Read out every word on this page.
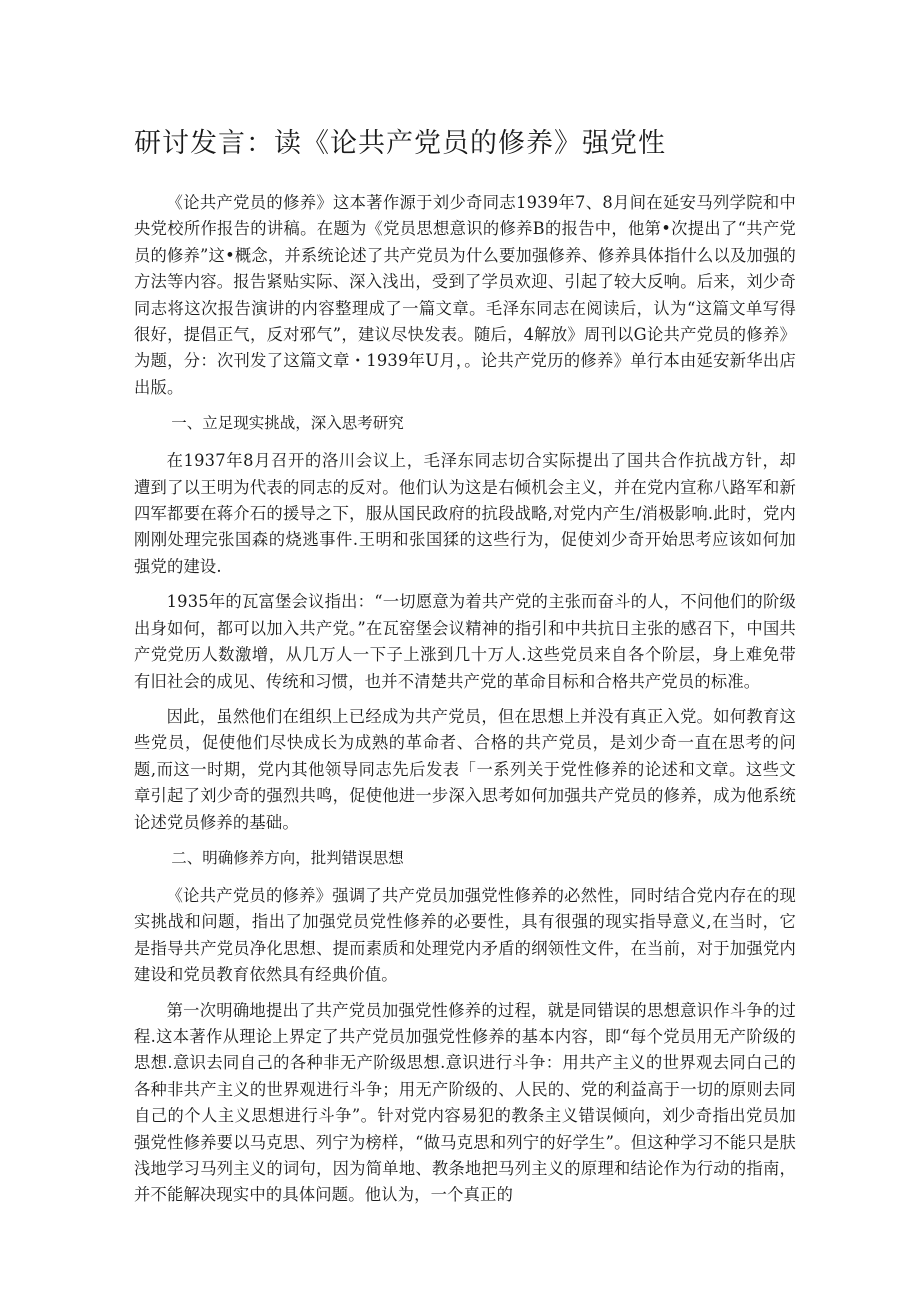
研讨发言：读《论共产党员的修养》强党性

《论共产党员的修养》这本著作源于刘少奇同志1939年7、8月间在延安马列学院和中央党校所作报告的讲稿。在题为《党员思想意识的修养B的报告中，他第•次提出了“共产党员的修养”这•概念，并系统论述了共产党员为什么要加强修养、修养具体指什么以及加强的方法等内容。报告紧贴实际、深入浅出，受到了学员欢迎、引起了较大反响。后来，刘少奇同志将这次报告演讲的内容整理成了一篇文章。毛泽东同志在阅读后，认为“这篇文单写得很好，提倡正气，反对邪气”，建议尽快发表。随后，4解放》周刊以G论共产党员的修养》为题，分：次刊发了这篇文章・1939年U月，。论共产党历的修养》单行本由延安新华出店出版。

一、立足现实挑战，深入思考研究

在1937年8月召开的洛川会议上，毛泽东同志切合实际提出了国共合作抗战方针，却遭到了以王明为代表的同志的反对。他们认为这是右倾机会主义，并在党内宣称八路军和新四军都要在蒋介石的援导之下，服从国民政府的抗段战略,对党内产生/消极影响.此时，党内刚刚处理完张国森的烧逃事件.王明和张国猱的这些行为，促使刘少奇开始思考应该如何加强党的建设.

1935年的瓦富堡会议指出：“一切愿意为着共产党的主张而奋斗的人，不问他们的阶级出身如何，都可以加入共产党。”在瓦窑堡会议精神的指引和中共抗日主张的感召下，中国共产党党历人数激增，从几万人一下子上涨到几十万人.这些党员来自各个阶层，身上难免带有旧社会的成见、传统和习惯，也并不清楚共产党的革命目标和合格共产党员的标准。

因此，虽然他们在组织上已经成为共产党员，但在思想上并没有真正入党。如何教育这些党员，促使他们尽快成长为成熟的革命者、合格的共产党员，是刘少奇一直在思考的问题,而这一时期，党内其他领导同志先后发表「一系列关于党性修养的论述和文章。这些文章引起了刘少奇的强烈共鸣，促使他进一步深入思考如何加强共产党员的修养，成为他系统论述党员修养的基础。

二、明确修养方向，批判错误思想

《论共产党员的修养》强调了共产党员加强党性修养的必然性，同时结合党内存在的现实挑战和问题，指出了加强党员党性修养的必要性，具有很强的现实指导意义,在当时，它是指导共产党员净化思想、提而素质和处理党内矛盾的纲领性文件，在当前，对于加强党内建设和党员教育依然具有经典价值。

第一次明确地提出了共产党员加强党性修养的过程，就是同错误的思想意识作斗争的过程.这本著作从理论上界定了共产党员加强党性修养的基本内容，即“每个党员用无产阶级的思想.意识去同自己的各种非无产阶级思想.意识进行斗争：用共产主义的世界观去同白己的各种非共产主义的世界观进行斗争；用无产阶级的、人民的、党的利益高于一切的原则去同自己的个人主义思想进行斗争”。针对党内容易犯的教条主义错误倾向，刘少奇指出党员加强党性修养要以马克思、列宁为榜样，“做马克思和列宁的好学生”。但这种学习不能只是肤浅地学习马列主义的词句，因为简单地、教条地把马列主义的原理和结论作为行动的指南，并不能解决现实中的具体问题。他认为，一个真正的
